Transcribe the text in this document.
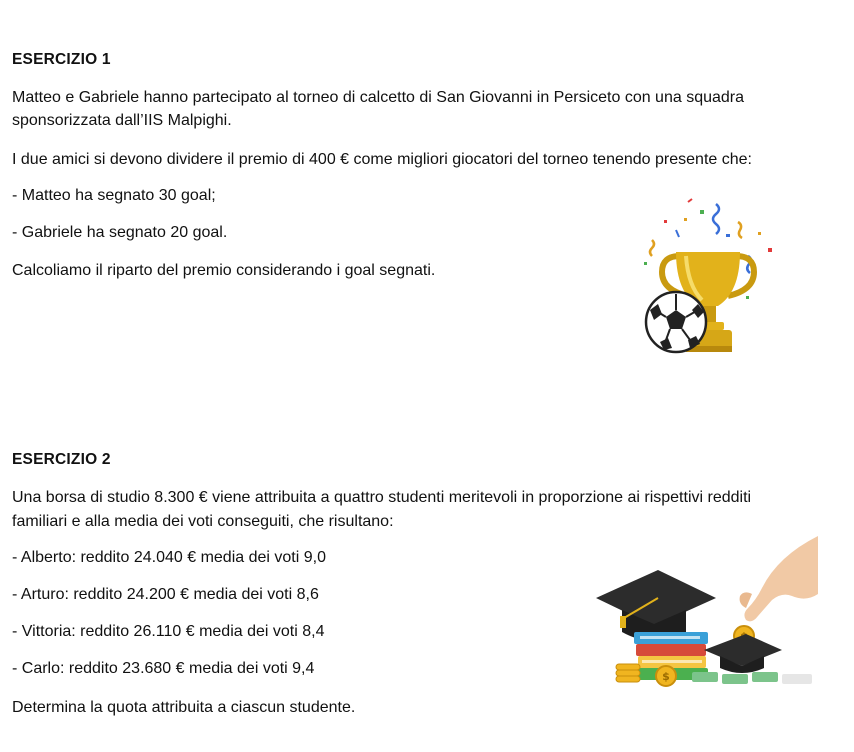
ESERCIZIO 1
Matteo e Gabriele hanno partecipato al torneo di calcetto di San Giovanni in Persiceto con una squadra
sponsorizzata dall’IIS Malpighi.
I due amici si devono dividere il premio di 400 € come migliori giocatori del torneo tenendo presente che:
- Matteo ha segnato 30 goal;
- Gabriele ha segnato 20 goal.
Calcoliamo il riparto del premio considerando i goal segnati.
ESERCIZIO 2
Una borsa di studio 8.300 € viene attribuita a quattro studenti meritevoli in proporzione ai rispettivi redditi
familiari e alla media dei voti conseguiti, che risultano:
- Alberto: reddito 24.040 € media dei voti 9,0
- Arturo: reddito 24.200 € media dei voti 8,6
- Vittoria: reddito 26.110 € media dei voti 8,4
- Carlo: reddito 23.680 € media dei voti 9,4
Determina la quota attribuita a ciascun studente.
$
